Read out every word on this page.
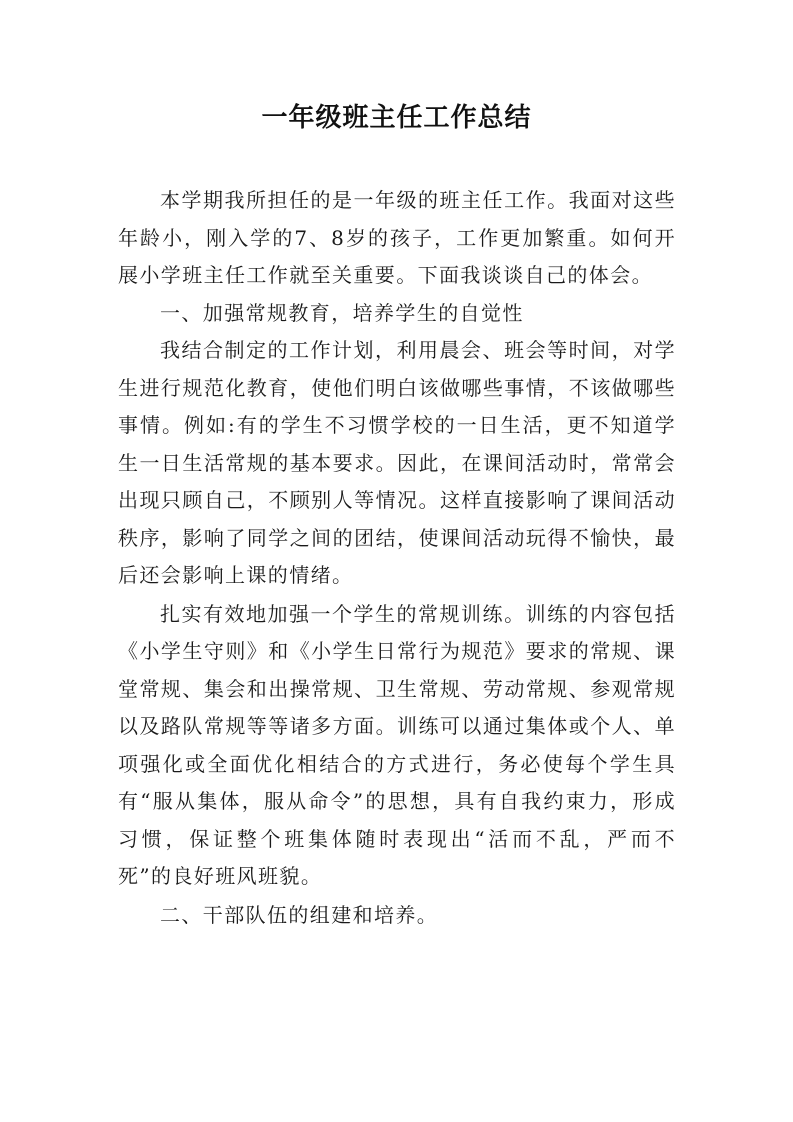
一年级班主任工作总结

本学期我所担任的是一年级的班主任工作。我面对这些年龄小，刚入学的7、8岁的孩子，工作更加繁重。如何开展小学班主任工作就至关重要。下面我谈谈自己的体会。

一、加强常规教育，培养学生的自觉性

我结合制定的工作计划，利用晨会、班会等时间，对学生进行规范化教育，使他们明白该做哪些事情，不该做哪些事情。例如:有的学生不习惯学校的一日生活，更不知道学生一日生活常规的基本要求。因此，在课间活动时，常常会出现只顾自己，不顾别人等情况。这样直接影响了课间活动秩序，影响了同学之间的团结，使课间活动玩得不愉快，最后还会影响上课的情绪。

扎实有效地加强一个学生的常规训练。训练的内容包括《小学生守则》和《小学生日常行为规范》要求的常规、课堂常规、集会和出操常规、卫生常规、劳动常规、参观常规以及路队常规等等诸多方面。训练可以通过集体或个人、单项强化或全面优化相结合的方式进行，务必使每个学生具有“服从集体，服从命令”的思想，具有自我约束力，形成习惯，保证整个班集体随时表现出“活而不乱，严而不死”的良好班风班貌。

二、干部队伍的组建和培养。
